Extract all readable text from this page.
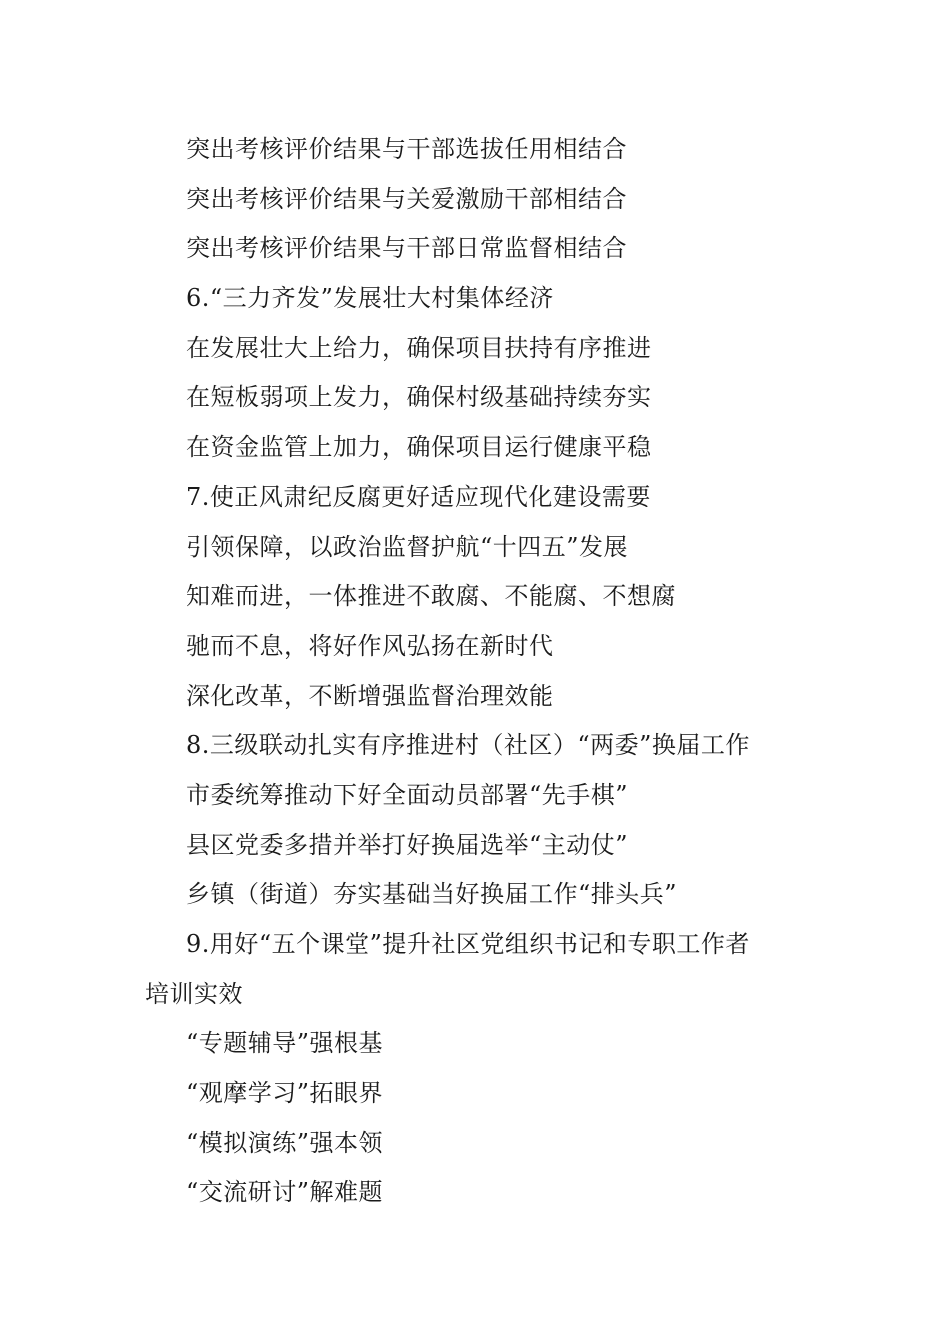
突出考核评价结果与干部选拔任用相结合
突出考核评价结果与关爱激励干部相结合
突出考核评价结果与干部日常监督相结合
6.“三力齐发”发展壮大村集体经济
在发展壮大上给力，确保项目扶持有序推进
在短板弱项上发力，确保村级基础持续夯实
在资金监管上加力，确保项目运行健康平稳
7.使正风肃纪反腐更好适应现代化建设需要
引领保障，以政治监督护航“十四五”发展
知难而进，一体推进不敢腐、不能腐、不想腐
驰而不息，将好作风弘扬在新时代
深化改革，不断增强监督治理效能
8.三级联动扎实有序推进村（社区）“两委”换届工作
市委统筹推动下好全面动员部署“先手棋”
县区党委多措并举打好换届选举“主动仗”
乡镇（街道）夯实基础当好换届工作“排头兵”
9.用好“五个课堂”提升社区党组织书记和专职工作者
培训实效
“专题辅导”强根基
“观摩学习”拓眼界
“模拟演练”强本领
“交流研讨”解难题
